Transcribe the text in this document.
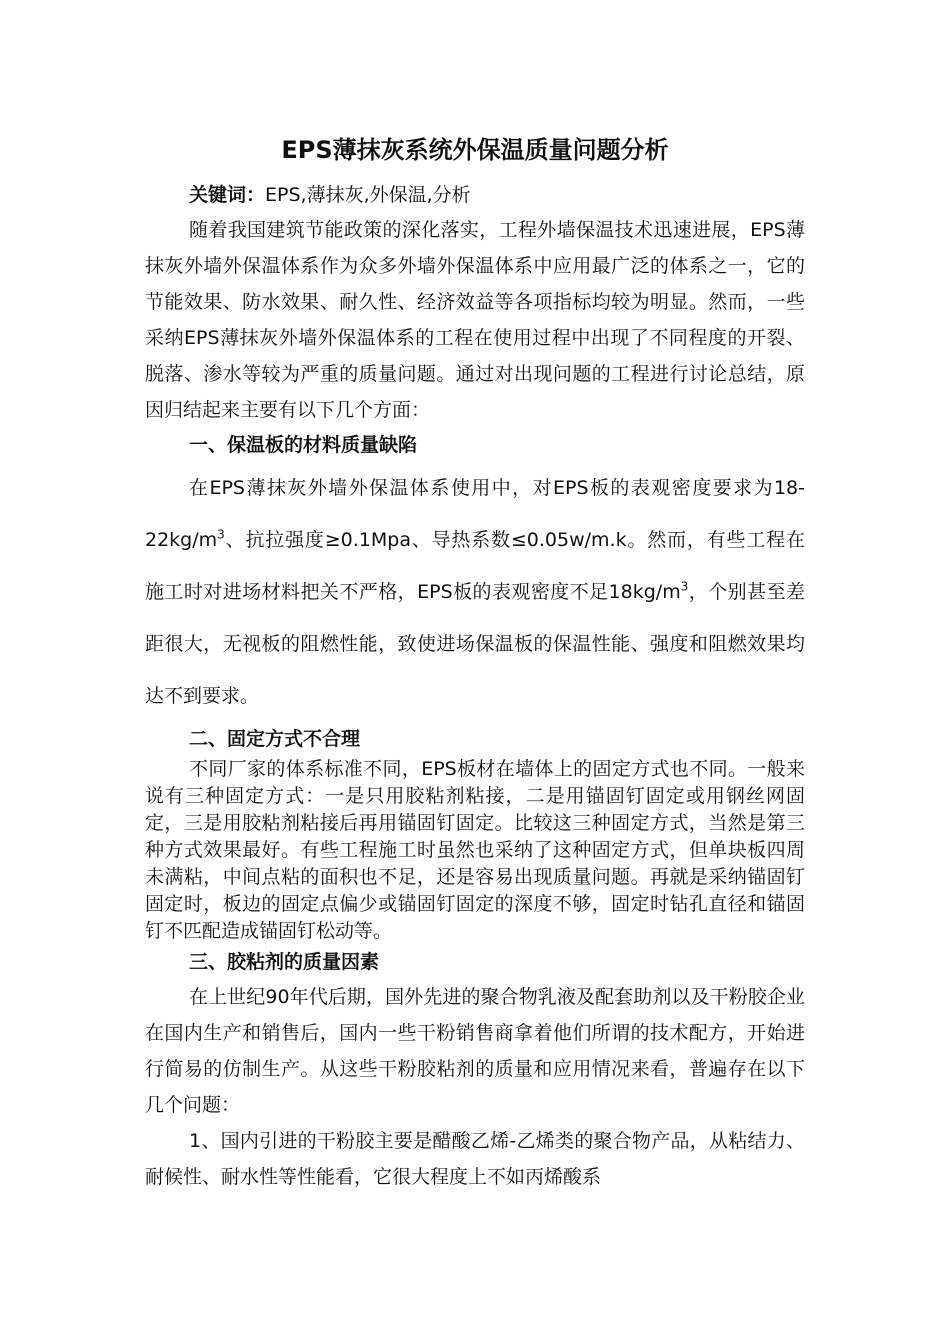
EPS薄抹灰系统外保温质量问题分析

关键词：EPS,薄抹灰,外保温,分析

随着我国建筑节能政策的深化落实，工程外墙保温技术迅速进展，EPS薄抹灰外墙外保温体系作为众多外墙外保温体系中应用最广泛的体系之一，它的节能效果、防水效果、耐久性、经济效益等各项指标均较为明显。然而，一些采纳EPS薄抹灰外墙外保温体系的工程在使用过程中出现了不同程度的开裂、脱落、渗水等较为严重的质量问题。通过对出现问题的工程进行讨论总结，原因归结起来主要有以下几个方面：

一、保温板的材料质量缺陷

在EPS薄抹灰外墙外保温体系使用中，对EPS板的表观密度要求为$18-22kg/m^3$、抗拉强度≥0.1Mpa、导热系数≤0.05w/m.k。然而，有些工程在施工时对进场材料把关不严格，EPS板的表观密度不足$18kg/m^3$，个别甚至差距很大，无视板的阻燃性能，致使进场保温板的保温性能、强度和阻燃效果均达不到要求。

二、固定方式不合理

不同厂家的体系标准不同，EPS板材在墙体上的固定方式也不同。一般来说有三种固定方式：一是只用胶粘剂粘接，二是用锚固钉固定或用钢丝网固定，三是用胶粘剂粘接后再用锚固钉固定。比较这三种固定方式，当然是第三种方式效果最好。有些工程施工时虽然也采纳了这种固定方式，但单块板四周未满粘，中间点粘的面积也不足，还是容易出现质量问题。再就是采纳锚固钉固定时，板边的固定点偏少或锚固钉固定的深度不够，固定时钻孔直径和锚固钉不匹配造成锚固钉松动等。

三、胶粘剂的质量因素

在上世纪90年代后期，国外先进的聚合物乳液及配套助剂以及干粉胶企业在国内生产和销售后，国内一些干粉销售商拿着他们所谓的技术配方，开始进行简易的仿制生产。从这些干粉胶粘剂的质量和应用情况来看，普遍存在以下几个问题：

1、国内引进的干粉胶主要是醋酸乙烯-乙烯类的聚合物产品，从粘结力、耐候性、耐水性等性能看，它很大程度上不如丙烯酸系
